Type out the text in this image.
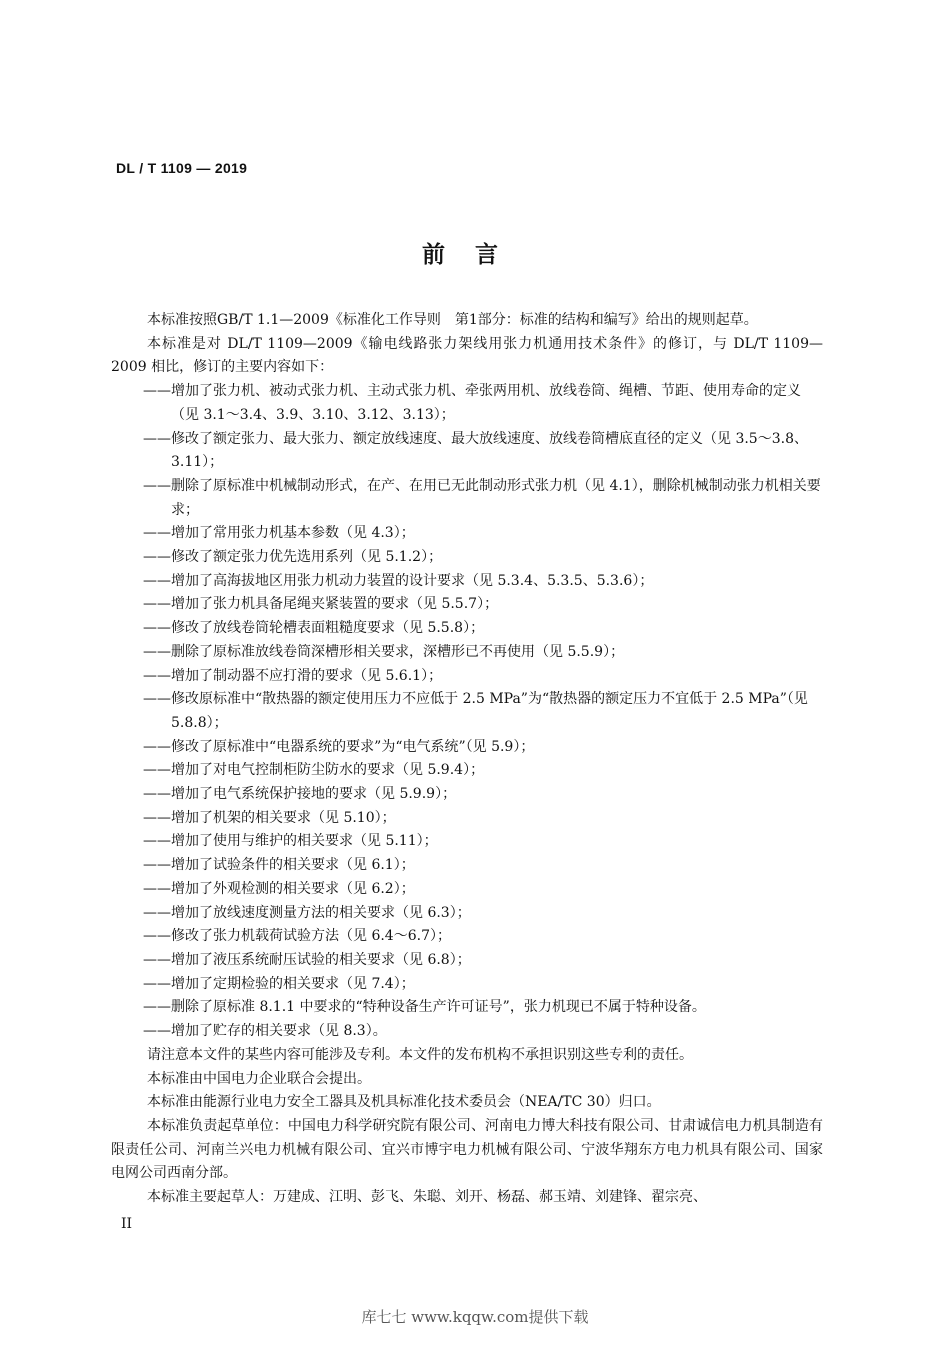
DL / T 1109 — 2019
前言

本标准按照GB/T 1.1—2009《标准化工作导则　第1部分：标准的结构和编写》给出的规则起草。

本标准是对 DL/T 1109—2009《输电线路张力架线用张力机通用技术条件》的修订，与 DL/T 1109—2009 相比，修订的主要内容如下：

——增加了张力机、被动式张力机、主动式张力机、牵张两用机、放线卷筒、绳槽、节距、使用寿命的定义（见 3.1～3.4、3.9、3.10、3.12、3.13）；

——修改了额定张力、最大张力、额定放线速度、最大放线速度、放线卷筒槽底直径的定义（见 3.5～3.8、3.11）；

——删除了原标准中机械制动形式，在产、在用已无此制动形式张力机（见 4.1），删除机械制动张力机相关要求；

——增加了常用张力机基本参数（见 4.3）；

——修改了额定张力优先选用系列（见 5.1.2）；

——增加了高海拔地区用张力机动力装置的设计要求（见 5.3.4、5.3.5、5.3.6）；

——增加了张力机具备尾绳夹紧装置的要求（见 5.5.7）；

——修改了放线卷筒轮槽表面粗糙度要求（见 5.5.8）；

——删除了原标准放线卷筒深槽形相关要求，深槽形已不再使用（见 5.5.9）；

——增加了制动器不应打滑的要求（见 5.6.1）；

——修改原标准中“散热器的额定使用压力不应低于 2.5 MPa”为“散热器的额定压力不宜低于 2.5 MPa”（见 5.8.8）；

——修改了原标准中“电器系统的要求”为“电气系统”（见 5.9）；

——增加了对电气控制柜防尘防水的要求（见 5.9.4）；

——增加了电气系统保护接地的要求（见 5.9.9）；

——增加了机架的相关要求（见 5.10）；

——增加了使用与维护的相关要求（见 5.11）；

——增加了试验条件的相关要求（见 6.1）；

——增加了外观检测的相关要求（见 6.2）；

——增加了放线速度测量方法的相关要求（见 6.3）；

——修改了张力机载荷试验方法（见 6.4～6.7）；

——增加了液压系统耐压试验的相关要求（见 6.8）；

——增加了定期检验的相关要求（见 7.4）；

——删除了原标准 8.1.1 中要求的“特种设备生产许可证号”，张力机现已不属于特种设备。

——增加了贮存的相关要求（见 8.3）。

请注意本文件的某些内容可能涉及专利。本文件的发布机构不承担识别这些专利的责任。

本标准由中国电力企业联合会提出。

本标准由能源行业电力安全工器具及机具标准化技术委员会（NEA/TC 30）归口。

本标准负责起草单位：中国电力科学研究院有限公司、河南电力博大科技有限公司、甘肃诚信电力机具制造有限责任公司、河南兰兴电力机械有限公司、宜兴市博宇电力机械有限公司、宁波华翔东方电力机具有限公司、国家电网公司西南分部。

本标准主要起草人：万建成、江明、彭飞、朱聪、刘开、杨磊、郝玉靖、刘建锋、翟宗亮、

II
库七七 www.kqqw.com提供下载
